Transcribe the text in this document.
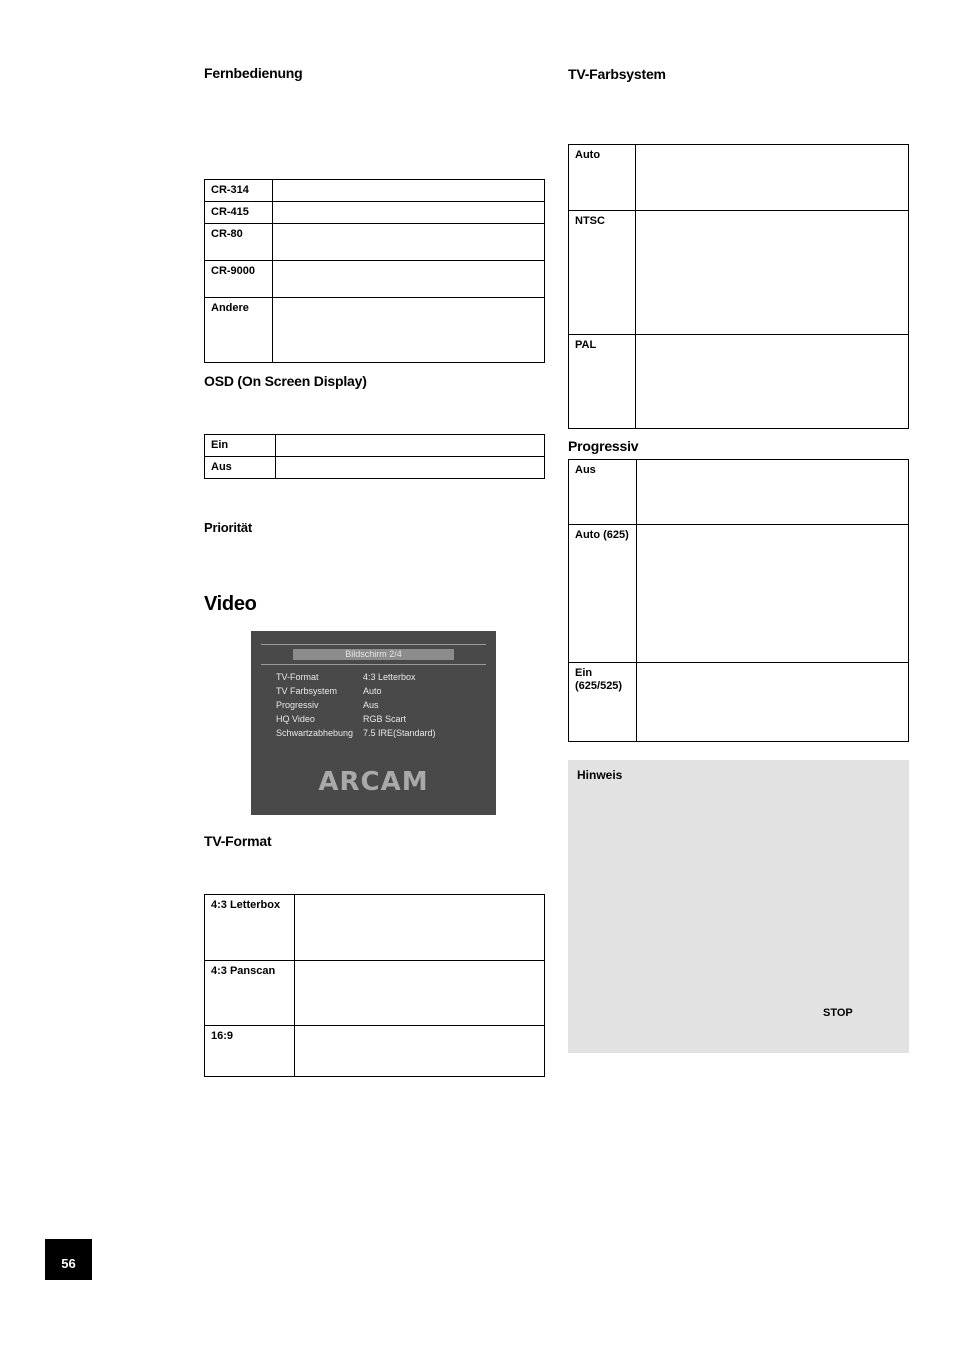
Fernbedienung
CR-314	
CR-415	
CR-80	
CR-9000	
Andere	
OSD (On Screen Display)
Ein	
Aus	
Priorität
Video
Bildschirm 2/4
TV-Format	4:3 Letterbox
TV Farbsystem	Auto
Progressiv	Aus
HQ Video	RGB Scart
Schwartzabhebung 7.5 IRE(Standard)
ARCAM
TV-Format
4:3 Letterbox	
4:3 Panscan	
16:9	
TV-Farbsystem
Auto	
NTSC	
PAL	
Progressiv
Aus	
Auto (625)	
Ein (625/525)	
Hinweis
STOP
56
